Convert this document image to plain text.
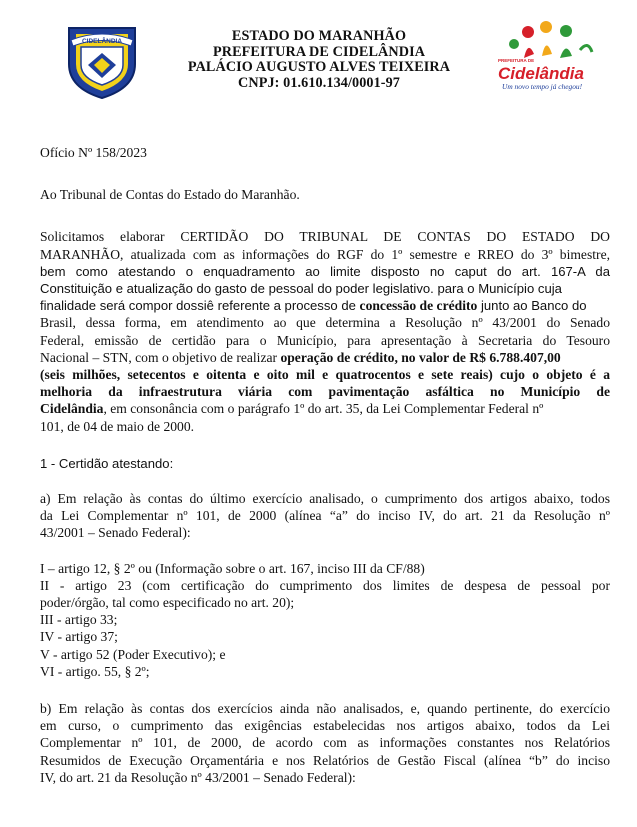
CIDELÂNDIA	ESTADO DO MARANHÃO
PREFEITURA DE CIDELÂNDIA
PALÁCIO AUGUSTO ALVES TEIXEIRA
CNPJ: 01.610.134/0001-97
PREFEITURA DE
Cidelândia
Um novo tempo já chegou!

Ofício Nº 158/2023

Ao Tribunal de Contas do Estado do Maranhão.

Solicitamos elaborar CERTIDÃO DO TRIBUNAL DE CONTAS DO ESTADO DO
MARANHÃO, atualizada com as informações do RGF do 1º semestre e RREO do 3º bimestre,
bem como atestando o enquadramento ao limite disposto no caput do art. 167-A da
Constituição e atualização do gasto de pessoal do poder legislativo. para o Município cuja
finalidade será compor dossiê referente a processo de concessão de crédito junto ao Banco do
Brasil, dessa forma, em atendimento ao que determina a Resolução nº 43/2001 do Senado
Federal, emissão de certidão para o Município, para apresentação à Secretaria do Tesouro
Nacional – STN, com o objetivo de realizar operação de crédito, no valor de R$ 6.788.407,00
(seis milhões, setecentos e oitenta e oito mil e quatrocentos e sete reais) cujo o objeto é a
melhoria da infraestrutura viária com pavimentação asfáltica no Município de
Cidelândia, em consonância com o parágrafo 1º do art. 35, da Lei Complementar Federal nº
101, de 04 de maio de 2000.

1 - Certidão atestando:

a) Em relação às contas do último exercício analisado, o cumprimento dos artigos abaixo, todos
da Lei Complementar nº 101, de 2000 (alínea “a” do inciso IV, do art. 21 da Resolução nº
43/2001 – Senado Federal):
I – artigo 12, § 2º ou (Informação sobre o art. 167, inciso III da CF/88)
II - artigo 23 (com certificação do cumprimento dos limites de despesa de pessoal por
poder/órgão, tal como especificado no art. 20);
III - artigo 33;
IV - artigo 37;
V - artigo 52 (Poder Executivo); e
VI - artigo. 55, § 2º;
b) Em relação às contas dos exercícios ainda não analisados, e, quando pertinente, do exercício
em curso, o cumprimento das exigências estabelecidas nos artigos abaixo, todos da Lei
Complementar nº 101, de 2000, de acordo com as informações constantes nos Relatórios
Resumidos de Execução Orçamentária e nos Relatórios de Gestão Fiscal (alínea “b” do inciso
IV, do art. 21 da Resolução nº 43/2001 – Senado Federal):
